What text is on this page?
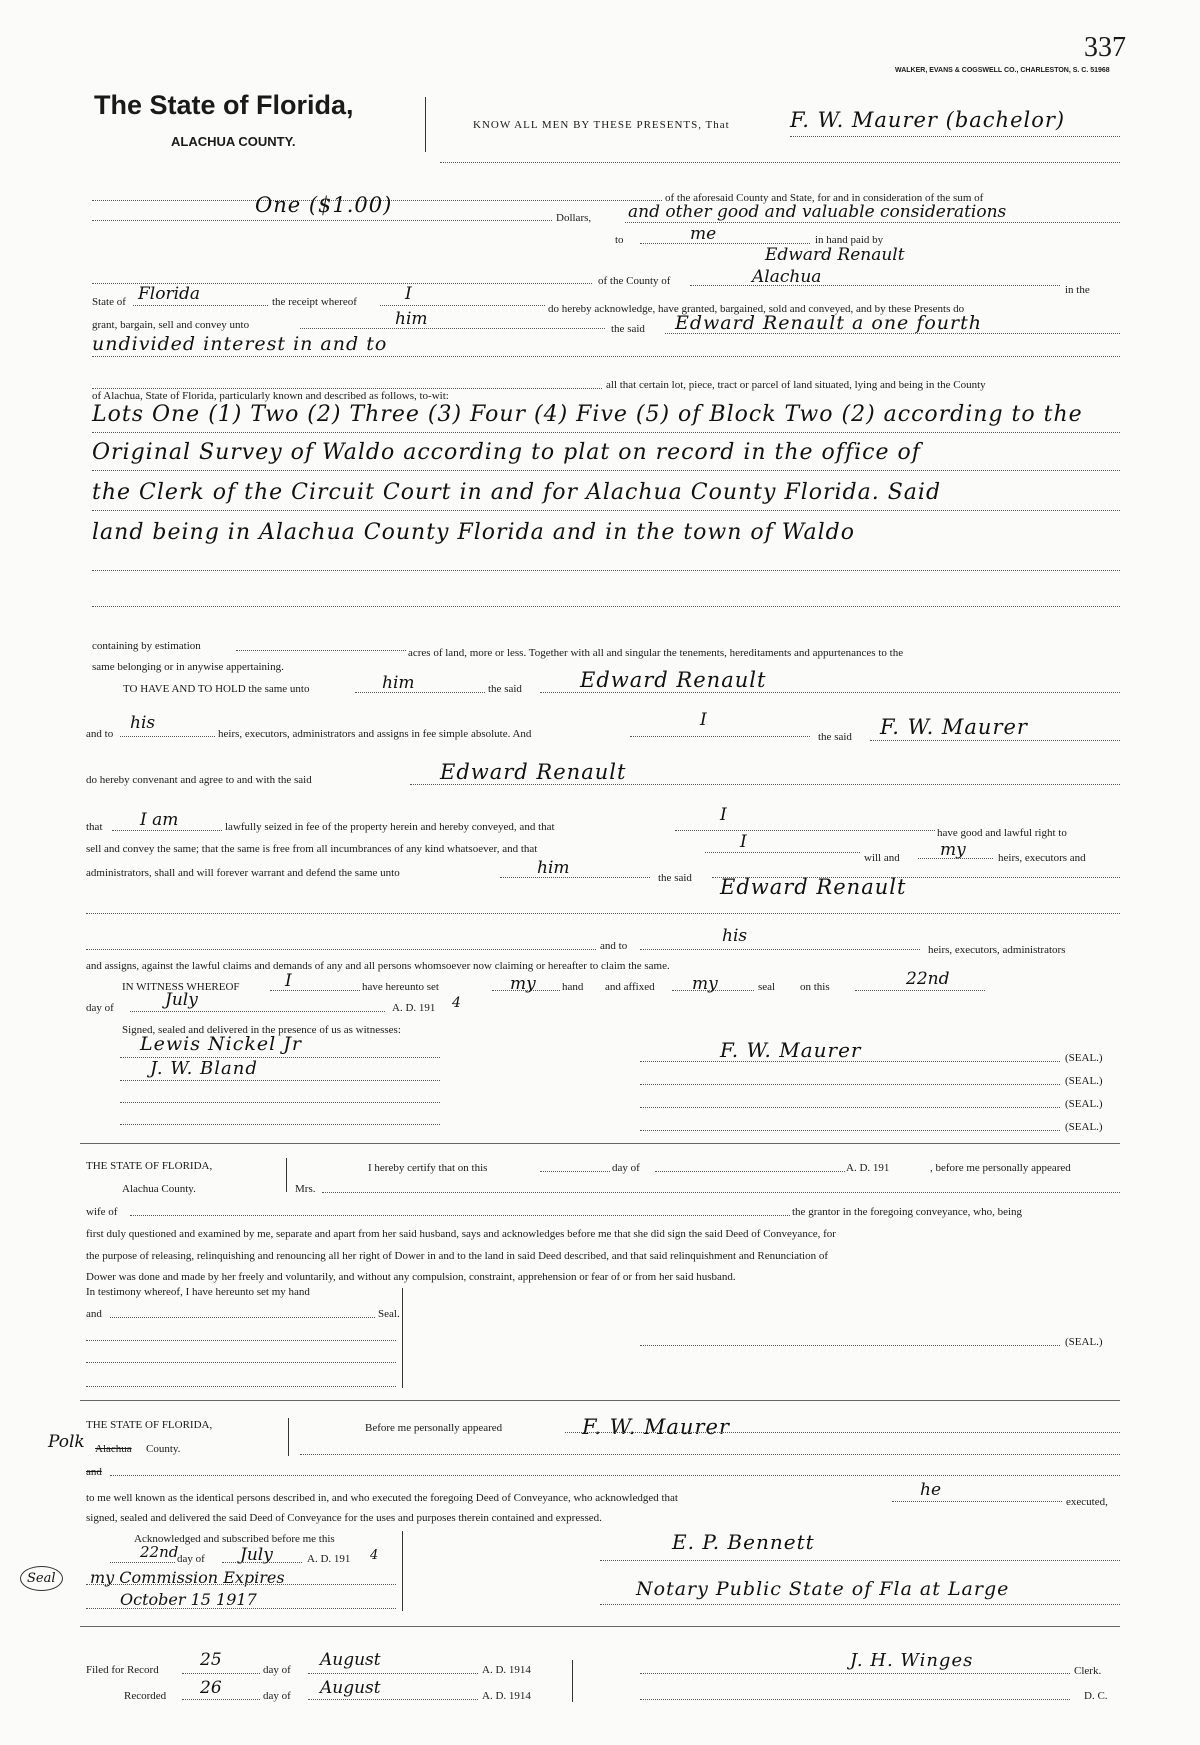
337
WALKER, EVANS & COGSWELL CO., CHARLESTON, S. C. 51968
The State of Florida,
ALACHUA COUNTY.
KNOW ALL MEN BY THESE PRESENTS, That	F. W. Maurer (bachelor)
of the aforesaid County and State, for and in consideration of the sum of
One ($1.00)
Dollars, and other good and valuable considerations
to	me	in hand paid by
Edward Renault
of the County of	Alachua
in the
State of Florida	the receipt whereof	I
do hereby acknowledge, have granted, bargained, sold and conveyed, and by these Presents do
grant, bargain, sell and convey unto	him	the said Edward Renault a one fourth
undivided interest in and to
all that certain lot, piece, tract or parcel of land situated, lying and being in the County
of Alachua, State of Florida, particularly known and described as follows, to-wit:
Lots One (1) Two (2) Three (3) Four (4) Five (5) of Block Two (2) according to the
Original Survey of Waldo according to plat on record in the office of
the Clerk of the Circuit Court in and for Alachua County Florida. Said
land being in Alachua County Florida and in the town of Waldo
containing by estimation
acres of land, more or less. Together with all and singular the tenements, hereditaments and appurtenances to the
same belonging or in anywise appertaining.
TO HAVE AND TO HOLD the same unto	him	the said	Edward Renault
and to
his
heirs, executors, administrators and assigns in fee simple absolute. And
I
the said F. W. Maurer
do hereby convenant and agree to and with the said	Edward Renault
that I am	lawfully seized in fee of the property herein and hereby conveyed, and that
I
have good and lawful right to
sell and convey the same; that the same is free from all incumbrances of any kind whatsoever, and that	I
will and my	heirs, executors and
administrators, shall and will forever warrant and defend the same unto	him	the said Edward Renault
and to	his
heirs, executors, administrators
and assigns, against the lawful claims and demands of any and all persons whomsoever now claiming or hereafter to claim the same.
IN WITNESS WHEREOF	I	have hereunto set	my hand and affixed my	seal on this	22nd
day of	July	A. D. 191 4
Signed, sealed and delivered in the presence of us as witnesses:
Lewis Nickel Jr
J. W. Bland
F. W. Maurer	(SEAL.)
(SEAL.)
(SEAL.)
(SEAL.)
THE STATE OF FLORIDA,
Alachua County.	Mrs.
I hereby certify that on this	day of	A. D. 191	, before me personally appeared
wife of	the grantor in the foregoing conveyance, who, being
first duly questioned and examined by me, separate and apart from her said husband, says and acknowledges before me that she did sign the said Deed of Conveyance, for
the purpose of releasing, relinquishing and renouncing all her right of Dower in and to the land in said Deed described, and that said relinquishment and Renunciation of
Dower was done and made by her freely and voluntarily, and without any compulsion, constraint, apprehension or fear of or from her said husband.
In testimony whereof, I have hereunto set my hand
and	Seal.
(SEAL.)
THE STATE OF FLORIDA,
Polk Alachua County.
Before me personally appeared	F. W. Maurer
and
to me well known as the identical persons described in, and who executed the foregoing Deed of Conveyance, who acknowledged that	he
executed,
signed, sealed and delivered the said Deed of Conveyance for the uses and purposes therein contained and expressed.
Acknowledged and subscribed before me this
22nd
day of July	A. D. 191 4
Seal	my Commission Expires
October 15 1917
E. P. Bennett
Notary Public State of Fla at Large
Filed for Record 25	day of August	A. D. 1914
Recorded 26	day of August	A. D. 1914
J. H. Winges	Clerk.
D. C.
